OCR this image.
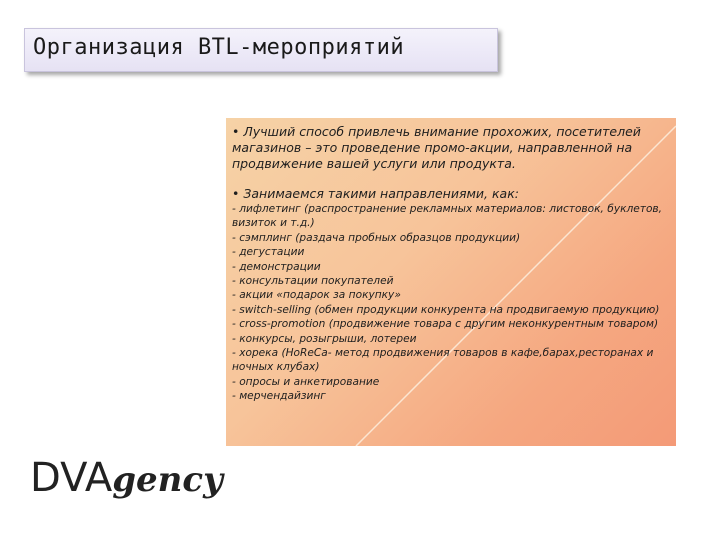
Организация BTL-мероприятий

• Лучший способ привлечь внимание прохожих, посетителей магазинов – это проведение промо-акции, направленной на продвижение вашей услуги или продукта.

• Занимаемся такими направлениями, как:

- лифлетинг (распространение рекламных материалов: листовок, буклетов, визиток и т.д.)

- сэмплинг (раздача пробных образцов продукции)

- дегустации

- демонстрации

- консультации покупателей

- акции «подарок за покупку»

- switch-selling (обмен продукции конкурента на продвигаемую продукцию)

- cross-promotion (продвижение товара с другим неконкурентным товаром)

- конкурсы, розыгрыши, лотереи

- хорека (HoReCa- метод продвижения товаров в кафе,барах,ресторанах и ночных клубах)

- опросы и анкетирование

- мерчендайзинг

DVAgency
